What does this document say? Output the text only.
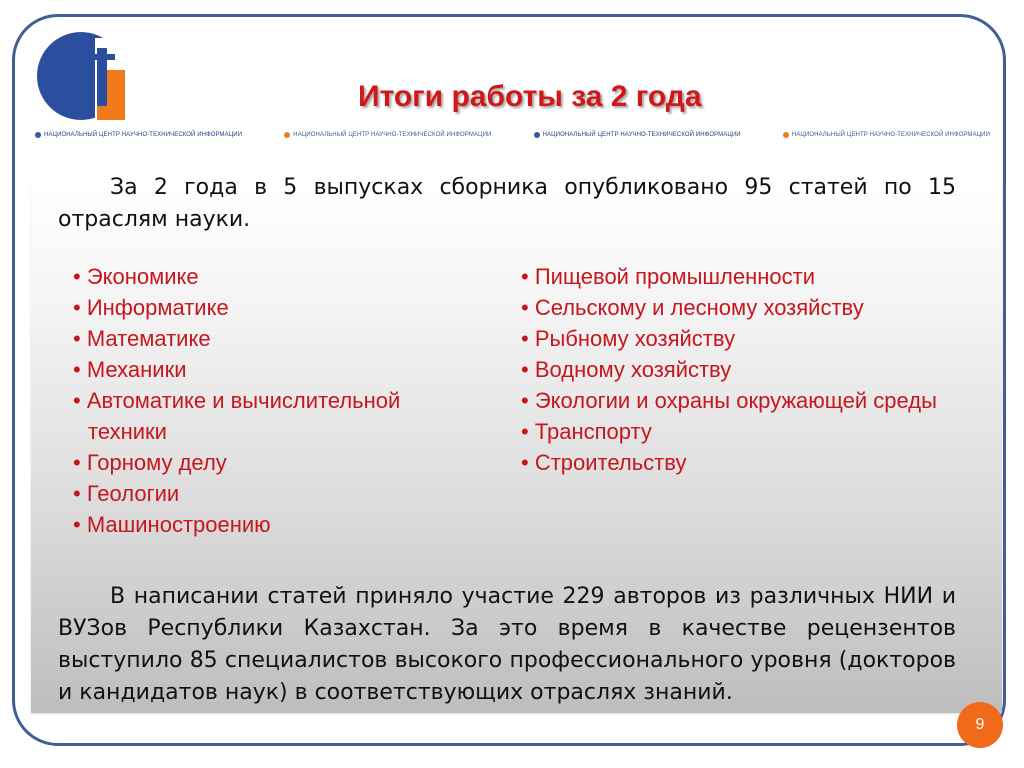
Итоги работы за 2 года
НАЦИОНАЛЬНЫЙ ЦЕНТР НАУЧНО-ТЕХНИЧЕСКОЙ ИНФОРМАЦИИ	НАЦИОНАЛЬНЫЙ ЦЕНТР НАУЧНО-ТЕХНИЧЕСКОЙ ИНФОРМАЦИИ	НАЦИОНАЛЬНЫЙ ЦЕНТР НАУЧНО-ТЕХНИЧЕСКОЙ ИНФОРМАЦИИ	НАЦИОНАЛЬНЫЙ ЦЕНТР НАУЧНО-ТЕХНИЧЕСКОЙ ИНФОРМАЦИИ
За 2 года в 5 выпусках сборника опубликовано 95 статей по 15 отраслям науки.
• Экономике
• Информатике
• Математике
• Механики
• Автоматике и вычислительной техники
• Горному делу
• Геологии
• Машиностроению
• Пищевой промышленности
• Сельскому и лесному хозяйству
• Рыбному хозяйству
• Водному хозяйству
• Экологии и охраны окружающей среды
• Транспорту
• Строительству
В написании статей приняло участие 229 авторов из различных НИИ и ВУЗов Республики Казахстан. За это время в качестве рецензентов выступило 85 специалистов высокого профессионального уровня (докторов и кандидатов наук) в соответствующих отраслях знаний.
9
